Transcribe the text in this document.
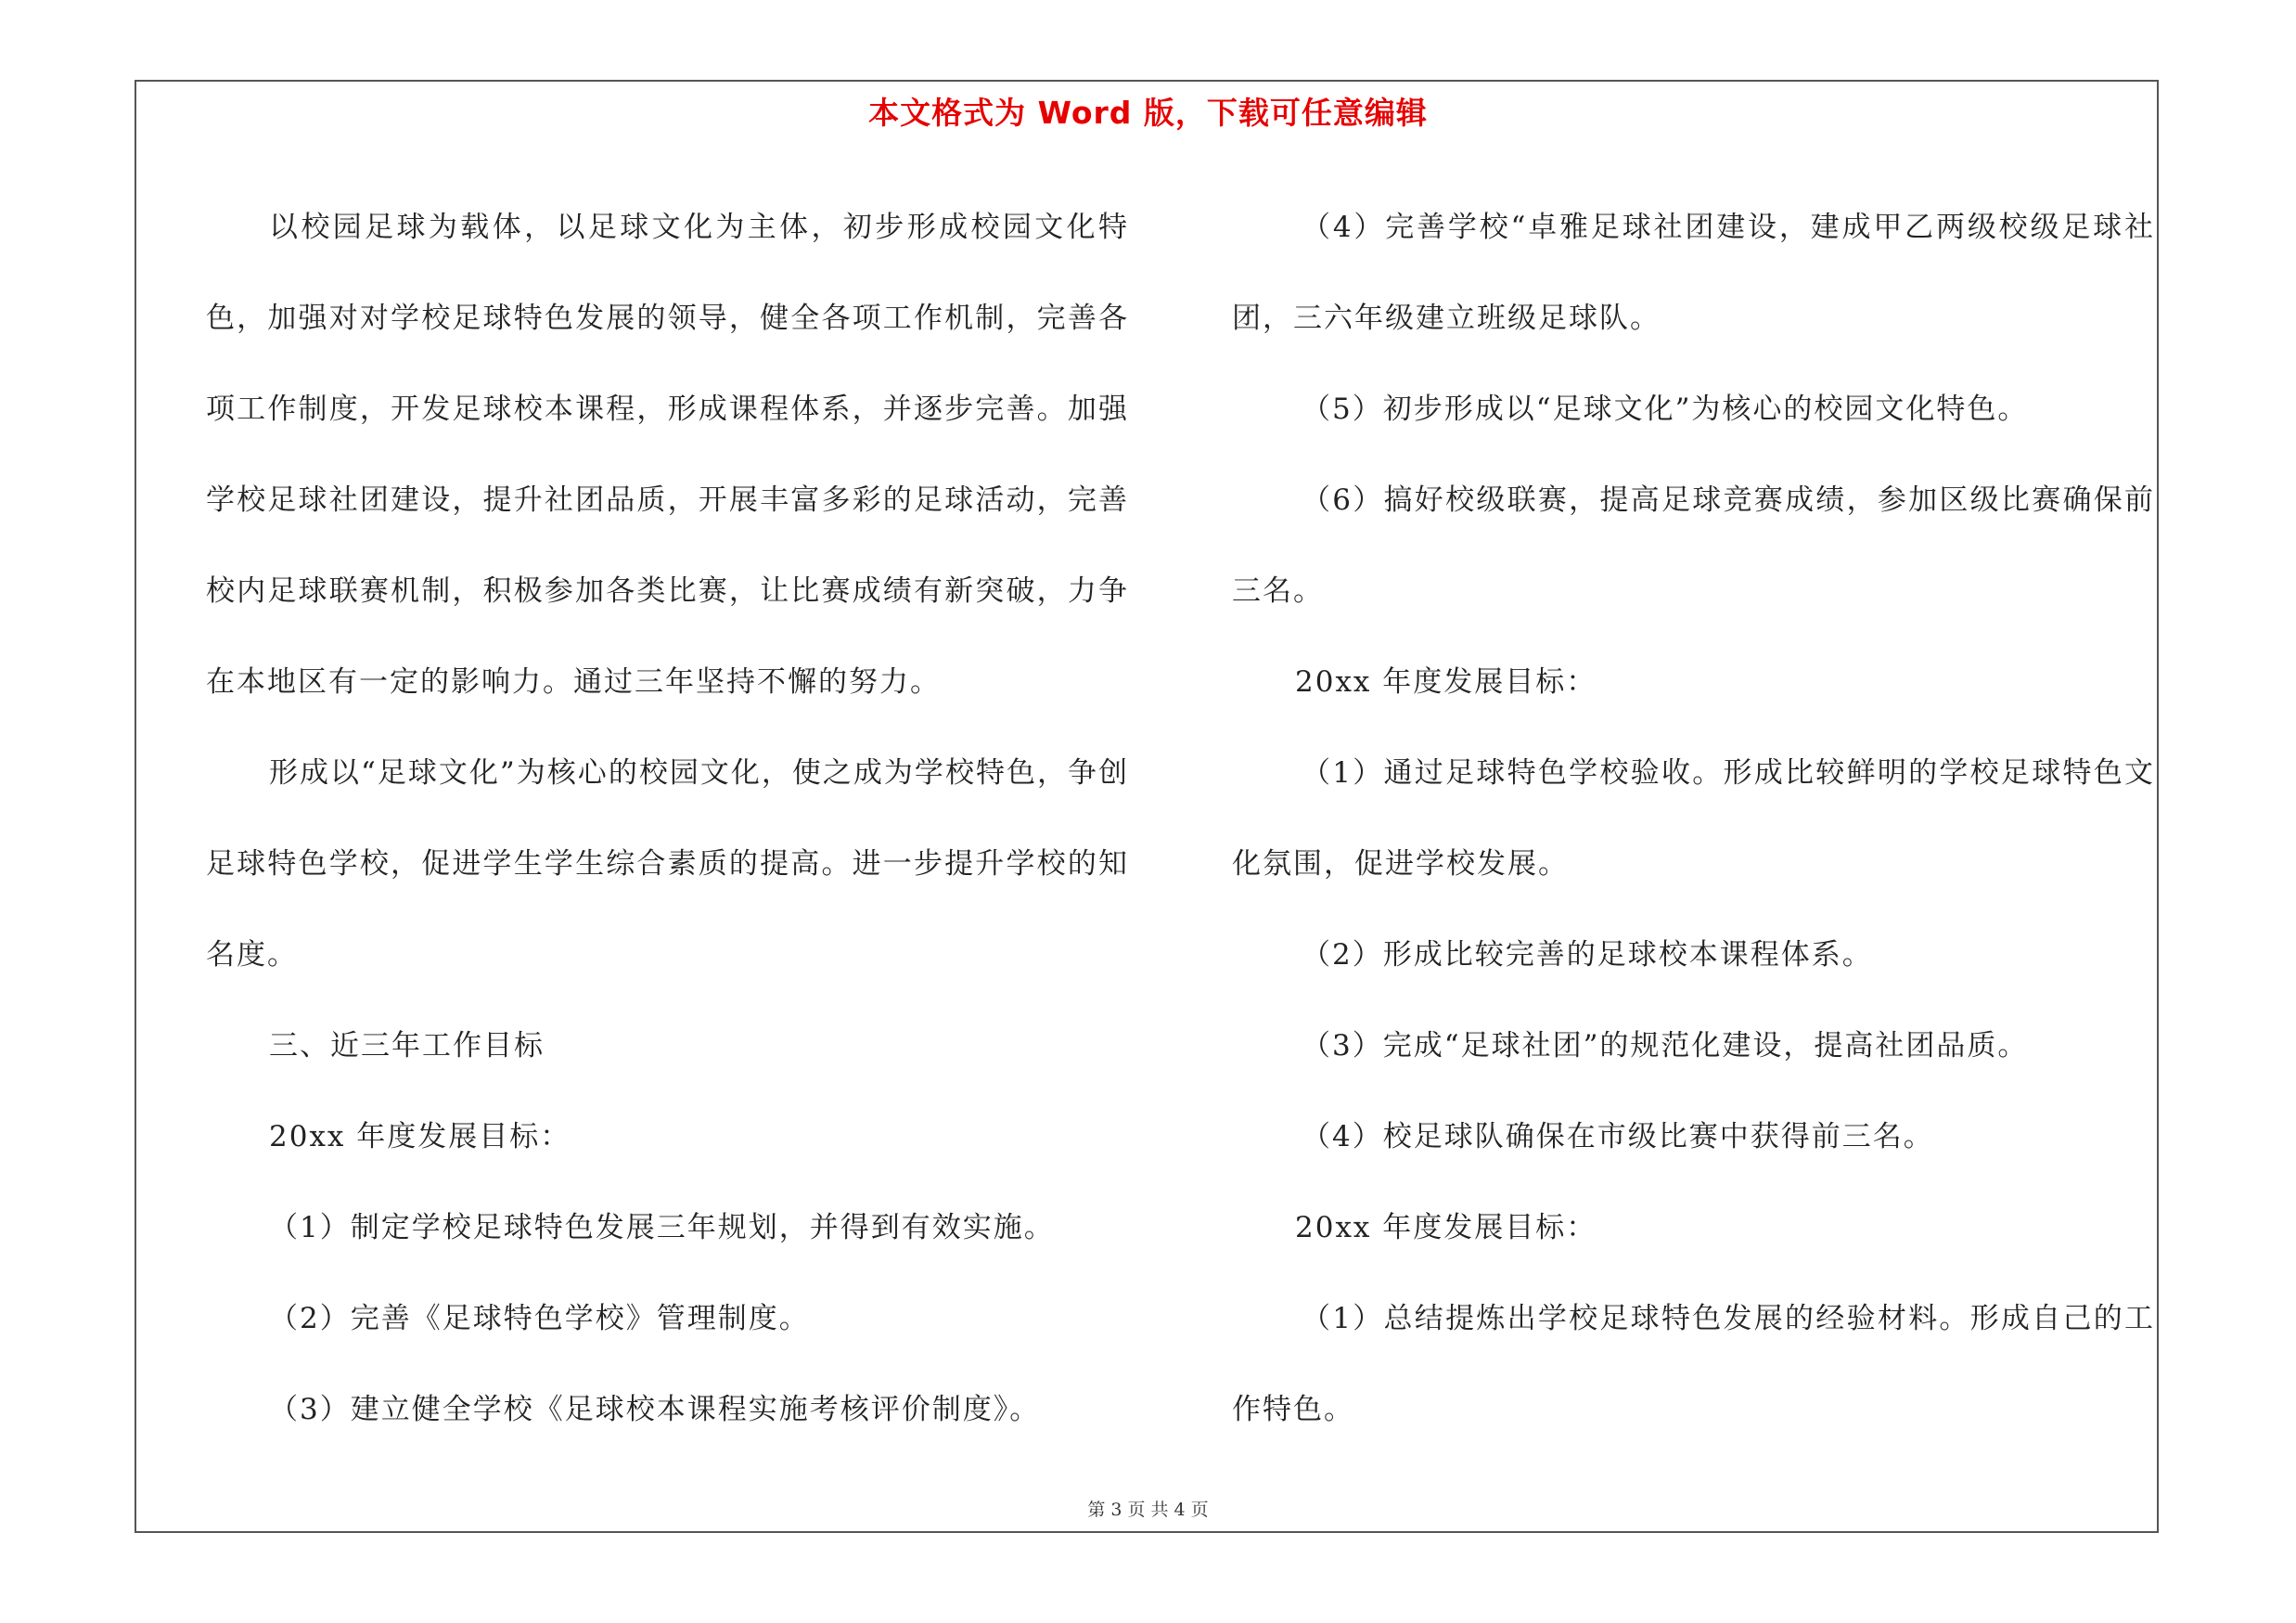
本文格式为 Word 版，下载可任意编辑

以校园足球为载体，以足球文化为主体，初步形成校园文化特色，加强对对学校足球特色发展的领导，健全各项工作机制，完善各项工作制度，开发足球校本课程，形成课程体系，并逐步完善。加强学校足球社团建设，提升社团品质，开展丰富多彩的足球活动，完善校内足球联赛机制，积极参加各类比赛，让比赛成绩有新突破，力争在本地区有一定的影响力。通过三年坚持不懈的努力。

形成以“足球文化”为核心的校园文化，使之成为学校特色，争创足球特色学校，促进学生学生综合素质的提高。进一步提升学校的知名度。

三、近三年工作目标

20xx 年度发展目标：

（1）制定学校足球特色发展三年规划，并得到有效实施。

（2）完善《足球特色学校》管理制度。

（3）建立健全学校《足球校本课程实施考核评价制度》。

（4）完善学校“卓雅足球社团建设，建成甲乙两级校级足球社团，三六年级建立班级足球队。

（5）初步形成以“足球文化”为核心的校园文化特色。

（6）搞好校级联赛，提高足球竞赛成绩，参加区级比赛确保前三名。

20xx 年度发展目标：

（1）通过足球特色学校验收。形成比较鲜明的学校足球特色文化氛围，促进学校发展。

（2）形成比较完善的足球校本课程体系。

（3）完成“足球社团”的规范化建设，提高社团品质。

（4）校足球队确保在市级比赛中获得前三名。

20xx 年度发展目标：

（1）总结提炼出学校足球特色发展的经验材料。形成自己的工作特色。

第 3 页 共 4 页
